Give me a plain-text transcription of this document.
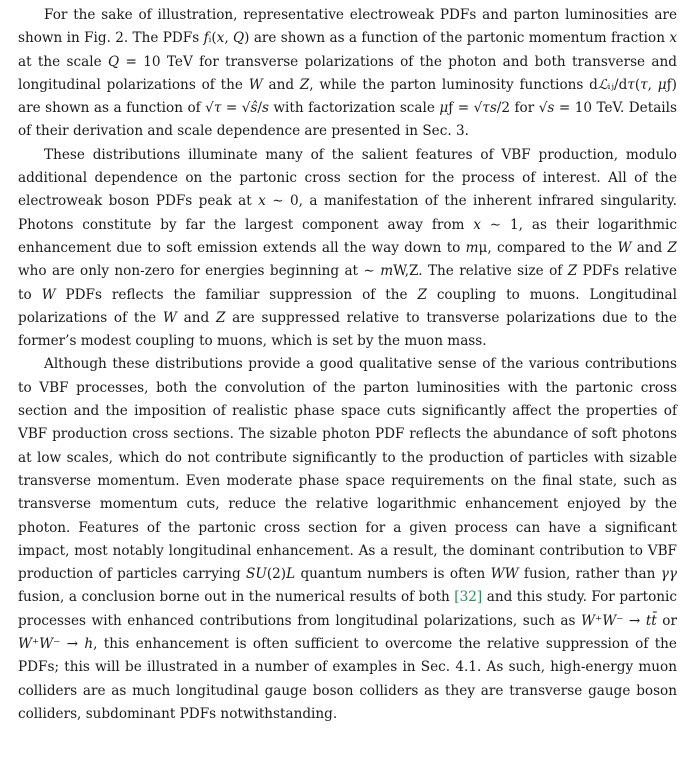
For the sake of illustration, representative electroweak PDFs and parton luminosities are shown in Fig. 2. The PDFs fᵢ(x, Q) are shown as a function of the partonic momentum fraction x at the scale Q = 10 TeV for transverse polarizations of the photon and both transverse and longitudinal polarizations of the W and Z, while the parton luminosity functions dℒᵢⱼ/dτ(τ, μƒ) are shown as a function of √τ = √ŝ/s with factorization scale μƒ = √τs/2 for √s = 10 TeV. Details of their derivation and scale dependence are presented in Sec. 3.

These distributions illuminate many of the salient features of VBF production, modulo additional dependence on the partonic cross section for the process of interest. All of the electroweak boson PDFs peak at x ∼ 0, a manifestation of the inherent infrared singularity. Photons constitute by far the largest component away from x ∼ 1, as their logarithmic enhancement due to soft emission extends all the way down to mμ, compared to the W and Z who are only non-zero for energies beginning at ∼ mW,Z. The relative size of Z PDFs relative to W PDFs reflects the familiar suppression of the Z coupling to muons. Longitudinal polarizations of the W and Z are suppressed relative to transverse polarizations due to the former’s modest coupling to muons, which is set by the muon mass.

Although these distributions provide a good qualitative sense of the various contributions to VBF processes, both the convolution of the parton luminosities with the partonic cross section and the imposition of realistic phase space cuts significantly affect the properties of VBF production cross sections. The sizable photon PDF reflects the abundance of soft photons at low scales, which do not contribute significantly to the production of particles with sizable transverse momentum. Even moderate phase space requirements on the final state, such as transverse momentum cuts, reduce the relative logarithmic enhancement enjoyed by the photon. Features of the partonic cross section for a given process can have a significant impact, most notably longitudinal enhancement. As a result, the dominant contribution to VBF production of particles carrying SU(2)L quantum numbers is often WW fusion, rather than γγ fusion, a conclusion borne out in the numerical results of both [32] and this study. For partonic processes with enhanced contributions from longitudinal polarizations, such as W⁺W⁻ → tt̄ or W⁺W⁻ → h, this enhancement is often sufficient to overcome the relative suppression of the PDFs; this will be illustrated in a number of examples in Sec. 4.1. As such, high-energy muon colliders are as much longitudinal gauge boson colliders as they are transverse gauge boson colliders, subdominant PDFs notwithstanding.
